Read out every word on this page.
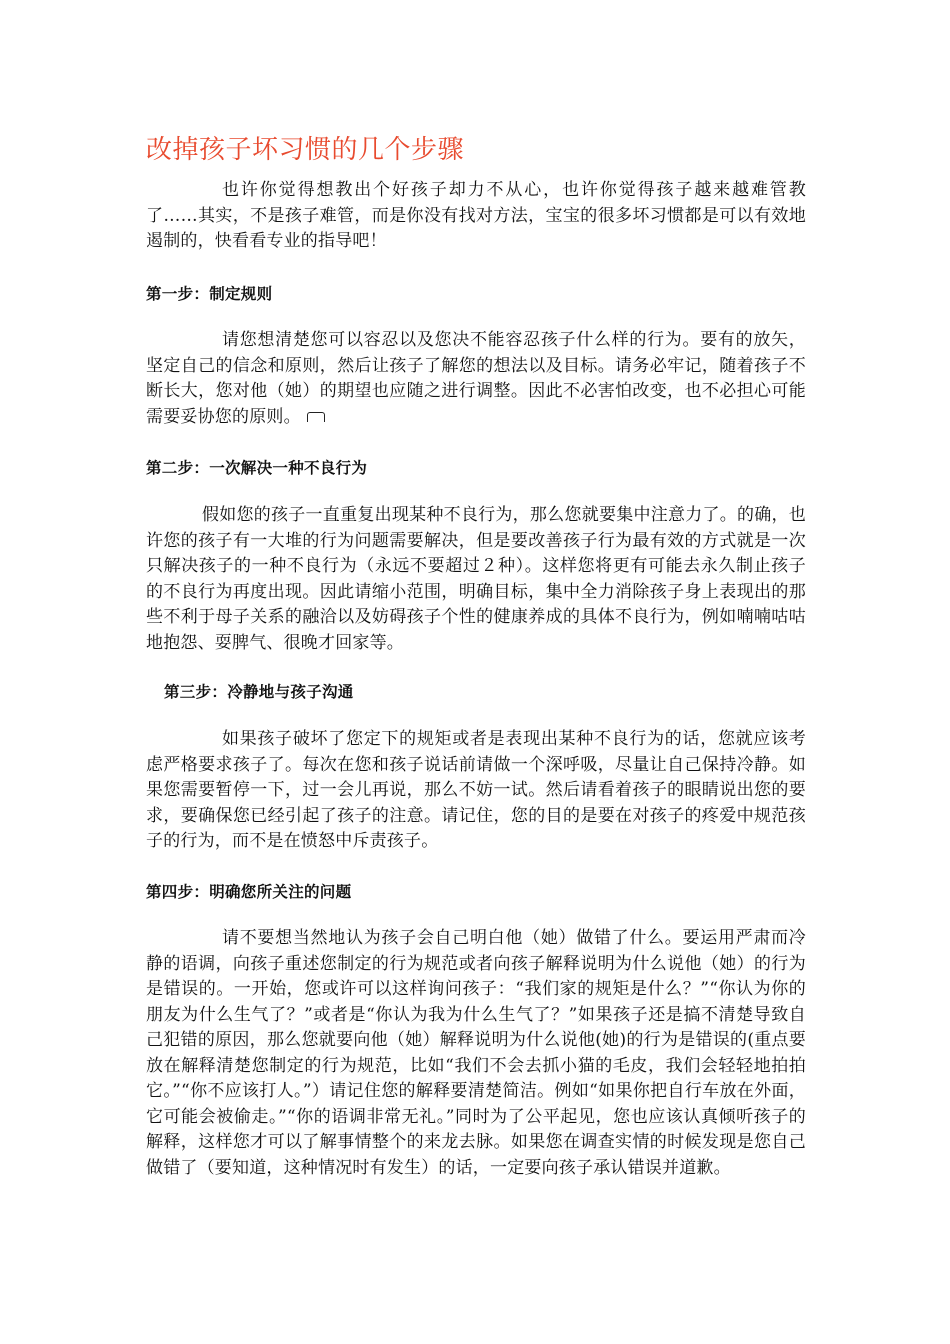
改掉孩子坏习惯的几个步骤

也许你觉得想教出个好孩子却力不从心，也许你觉得孩子越来越难管教了……其实，不是孩子难管，而是你没有找对方法，宝宝的很多坏习惯都是可以有效地遏制的，快看看专业的指导吧！

第一步：制定规则

请您想清楚您可以容忍以及您决不能容忍孩子什么样的行为。要有的放矢，坚定自己的信念和原则，然后让孩子了解您的想法以及目标。请务必牢记，随着孩子不断长大，您对他（她）的期望也应随之进行调整。因此不必害怕改变，也不必担心可能需要妥协您的原则。

第二步：一次解决一种不良行为

假如您的孩子一直重复出现某种不良行为，那么您就要集中注意力了。的确，也许您的孩子有一大堆的行为问题需要解决，但是要改善孩子行为最有效的方式就是一次只解决孩子的一种不良行为（永远不要超过２种）。这样您将更有可能去永久制止孩子的不良行为再度出现。因此请缩小范围，明确目标，集中全力消除孩子身上表现出的那些不利于母子关系的融洽以及妨碍孩子个性的健康养成的具体不良行为，例如喃喃咕咕地抱怨、耍脾气、很晚才回家等。

第三步：冷静地与孩子沟通

如果孩子破坏了您定下的规矩或者是表现出某种不良行为的话，您就应该考虑严格要求孩子了。每次在您和孩子说话前请做一个深呼吸，尽量让自己保持冷静。如果您需要暂停一下，过一会儿再说，那么不妨一试。然后请看着孩子的眼睛说出您的要求，要确保您已经引起了孩子的注意。请记住，您的目的是要在对孩子的疼爱中规范孩子的行为，而不是在愤怒中斥责孩子。

第四步：明确您所关注的问题

请不要想当然地认为孩子会自己明白他（她）做错了什么。要运用严肃而冷静的语调，向孩子重述您制定的行为规范或者向孩子解释说明为什么说他（她）的行为是错误的。一开始，您或许可以这样询问孩子：“我们家的规矩是什么？”“你认为你的朋友为什么生气了？”或者是“你认为我为什么生气了？”如果孩子还是搞不清楚导致自己犯错的原因，那么您就要向他（她）解释说明为什么说他(她)的行为是错误的(重点要放在解释清楚您制定的行为规范，比如“我们不会去抓小猫的毛皮，我们会轻轻地拍拍它。”“你不应该打人。”）请记住您的解释要清楚简洁。例如“如果你把自行车放在外面，它可能会被偷走。”“你的语调非常无礼。”同时为了公平起见，您也应该认真倾听孩子的解释，这样您才可以了解事情整个的来龙去脉。如果您在调查实情的时候发现是您自己做错了（要知道，这种情况时有发生）的话，一定要向孩子承认错误并道歉。
